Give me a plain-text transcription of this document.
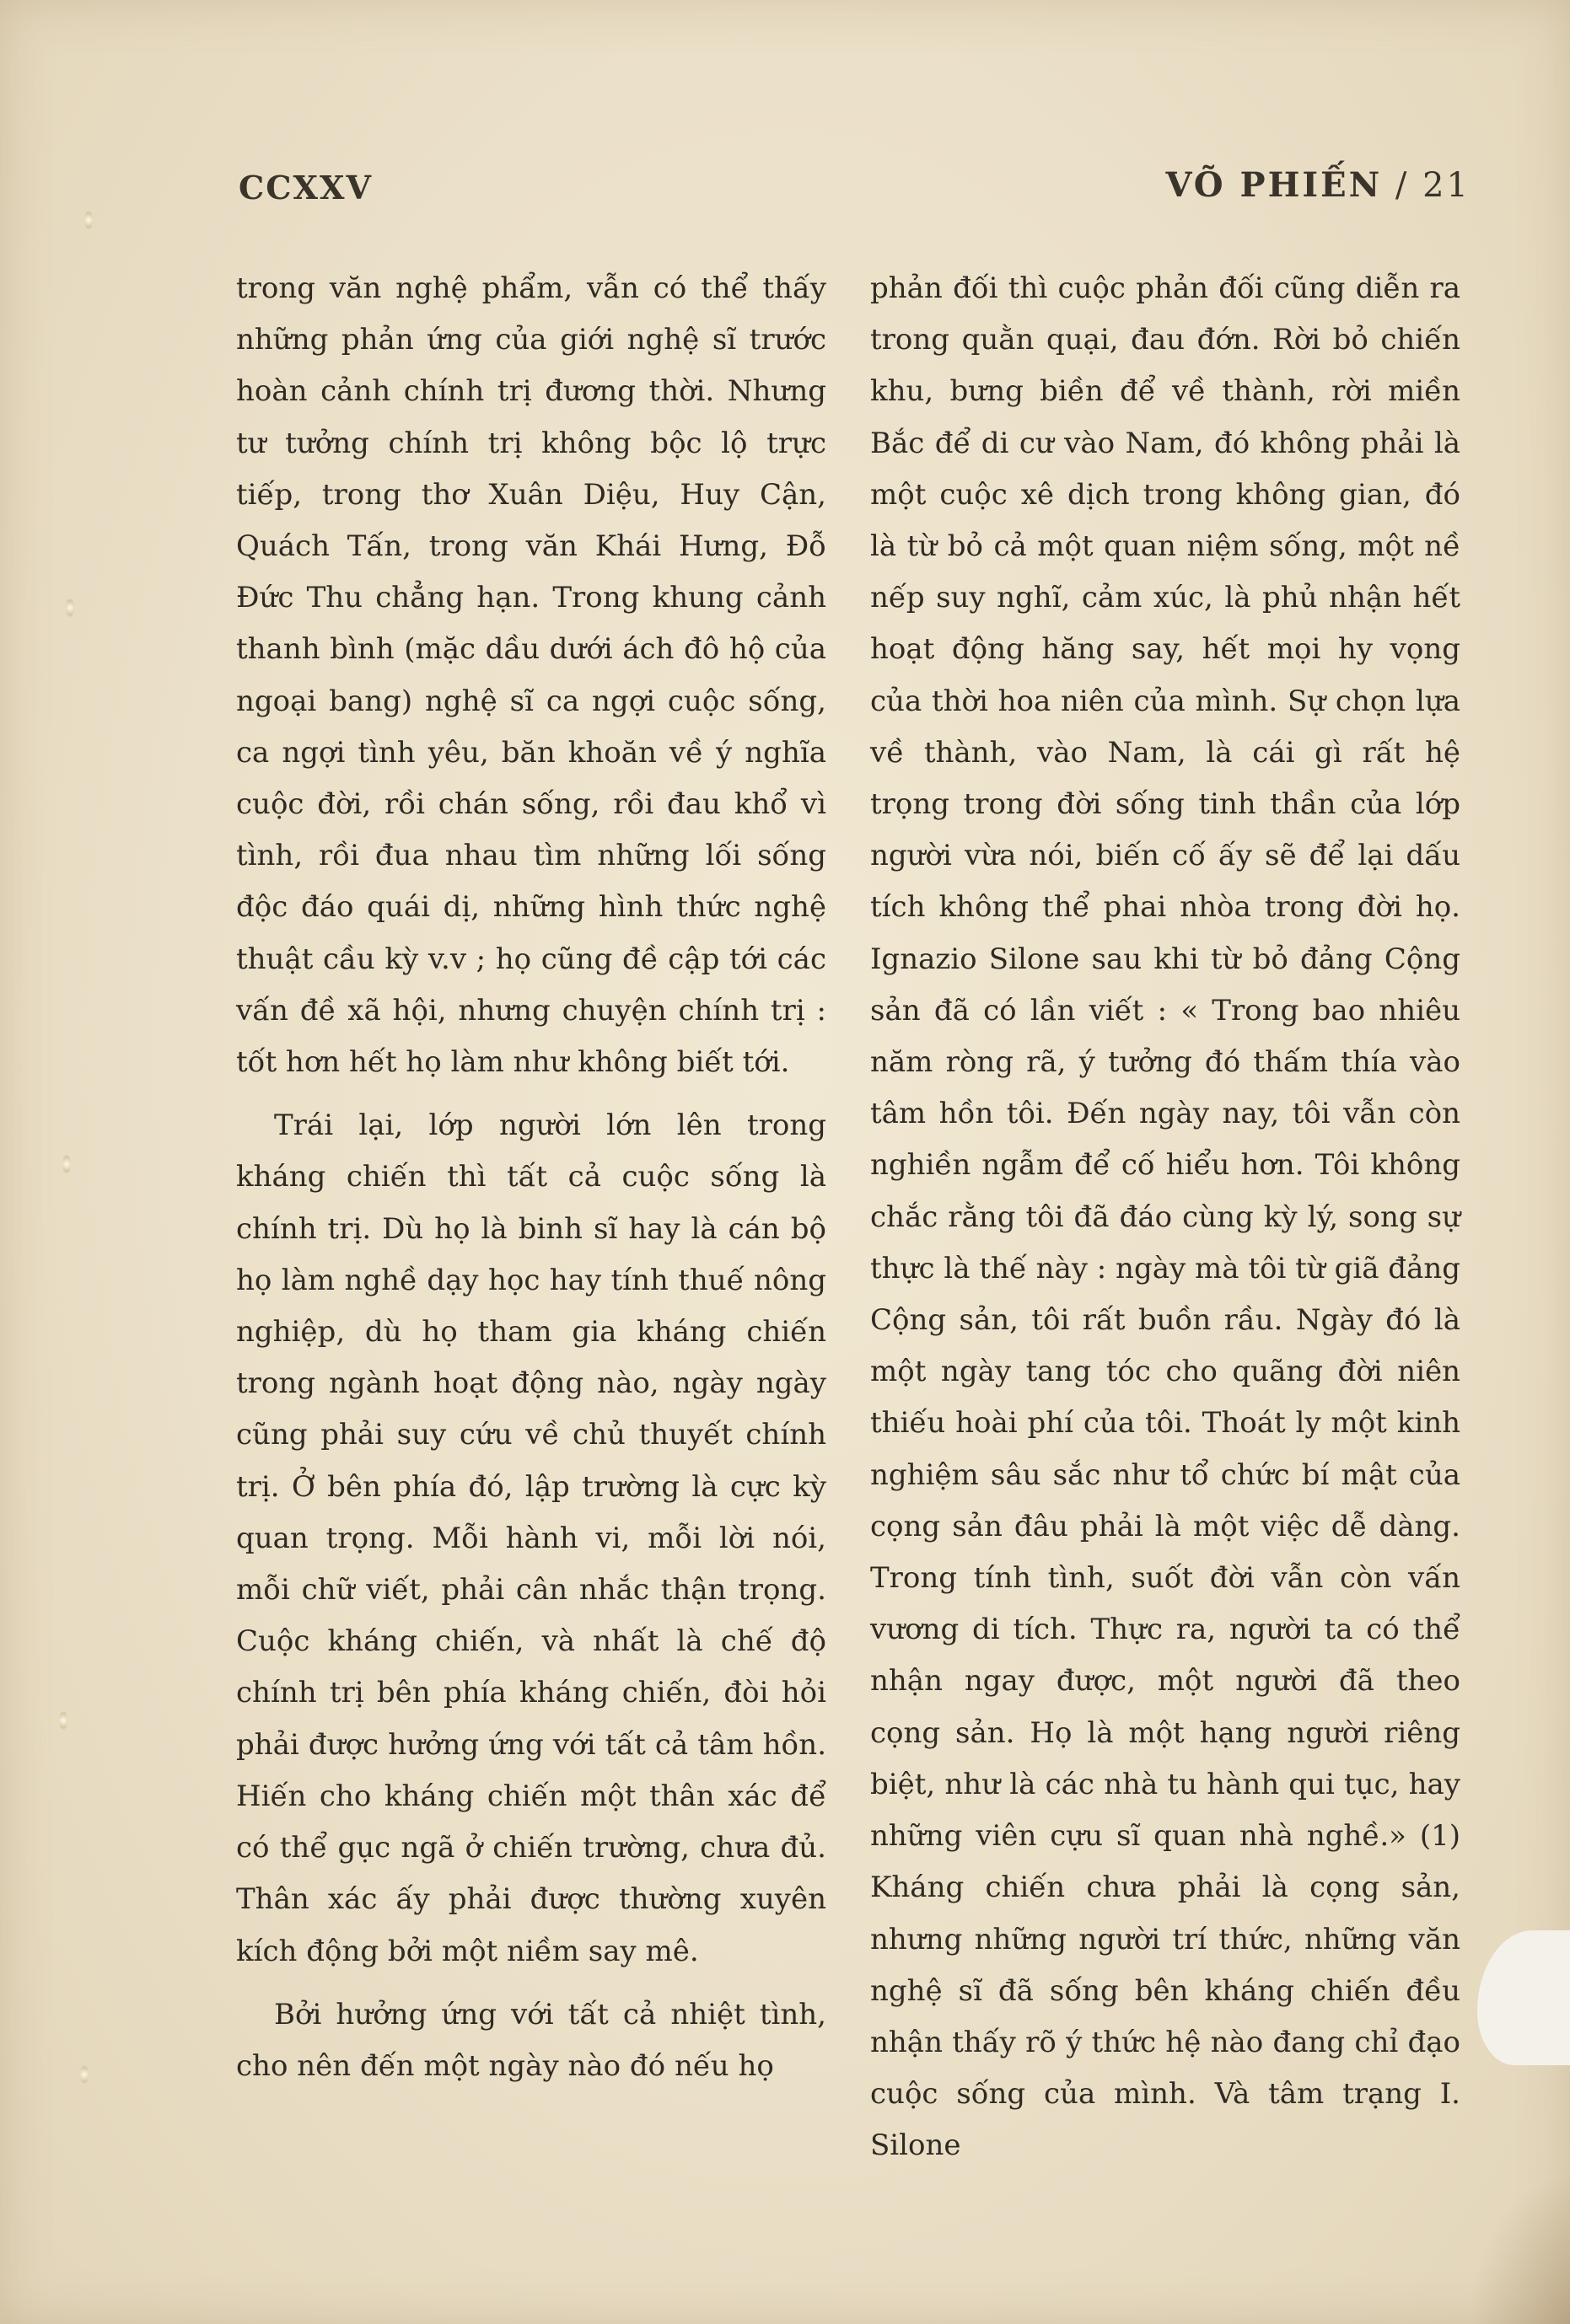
CCXXV	VÕ PHIẾN / 21

trong văn nghệ phẩm, vẫn có thể thấy những phản ứng của giới nghệ sĩ trước hoàn cảnh chính trị đương thời. Nhưng tư tưởng chính trị không bộc lộ trực tiếp, trong thơ Xuân Diệu, Huy Cận, Quách Tấn, trong văn Khái Hưng, Đỗ Đức Thu chẳng hạn. Trong khung cảnh thanh bình (mặc dầu dưới ách đô hộ của ngoại bang) nghệ sĩ ca ngợi cuộc sống, ca ngợi tình yêu, băn khoăn về ý nghĩa cuộc đời, rồi chán sống, rồi đau khổ vì tình, rồi đua nhau tìm những lối sống độc đáo quái dị, những hình thức nghệ thuật cầu kỳ v.v ; họ cũng đề cập tới các vấn đề xã hội, nhưng chuyện chính trị : tốt hơn hết họ làm như không biết tới.

Trái lại, lớp người lớn lên trong kháng chiến thì tất cả cuộc sống là chính trị. Dù họ là binh sĩ hay là cán bộ họ làm nghề dạy học hay tính thuế nông nghiệp, dù họ tham gia kháng chiến trong ngành hoạt động nào, ngày ngày cũng phải suy cứu về chủ thuyết chính trị. Ở bên phía đó, lập trường là cực kỳ quan trọng. Mỗi hành vi, mỗi lời nói, mỗi chữ viết, phải cân nhắc thận trọng. Cuộc kháng chiến, và nhất là chế độ chính trị bên phía kháng chiến, đòi hỏi phải được hưởng ứng với tất cả tâm hồn. Hiến cho kháng chiến một thân xác để có thể gục ngã ở chiến trường, chưa đủ. Thân xác ấy phải được thường xuyên kích động bởi một niềm say mê.

Bởi hưởng ứng với tất cả nhiệt tình, cho nên đến một ngày nào đó nếu họ

phản đối thì cuộc phản đối cũng diễn ra trong quằn quại, đau đớn. Rời bỏ chiến khu, bưng biền để về thành, rời miền Bắc để di cư vào Nam, đó không phải là một cuộc xê dịch trong không gian, đó là từ bỏ cả một quan niệm sống, một nề nếp suy nghĩ, cảm xúc, là phủ nhận hết hoạt động hăng say, hết mọi hy vọng của thời hoa niên của mình. Sự chọn lựa về thành, vào Nam, là cái gì rất hệ trọng trong đời sống tinh thần của lớp người vừa nói, biến cố ấy sẽ để lại dấu tích không thể phai nhòa trong đời họ. Ignazio Silone sau khi từ bỏ đảng Cộng sản đã có lần viết : « Trong bao nhiêu năm ròng rã, ý tưởng đó thấm thía vào tâm hồn tôi. Đến ngày nay, tôi vẫn còn nghiền ngẫm để cố hiểu hơn. Tôi không chắc rằng tôi đã đáo cùng kỳ lý, song sự thực là thế này : ngày mà tôi từ giã đảng Cộng sản, tôi rất buồn rầu. Ngày đó là một ngày tang tóc cho quãng đời niên thiếu hoài phí của tôi. Thoát ly một kinh nghiệm sâu sắc như tổ chức bí mật của cọng sản đâu phải là một việc dễ dàng. Trong tính tình, suốt đời vẫn còn vấn vương di tích. Thực ra, người ta có thể nhận ngay được, một người đã theo cọng sản. Họ là một hạng người riêng biệt, như là các nhà tu hành qui tục, hay những viên cựu sĩ quan nhà nghề.» (1) Kháng chiến chưa phải là cọng sản, nhưng những người trí thức, những văn nghệ sĩ đã sống bên kháng chiến đều nhận thấy rõ ý thức hệ nào đang chỉ đạo cuộc sống của mình. Và tâm trạng I. Silone
